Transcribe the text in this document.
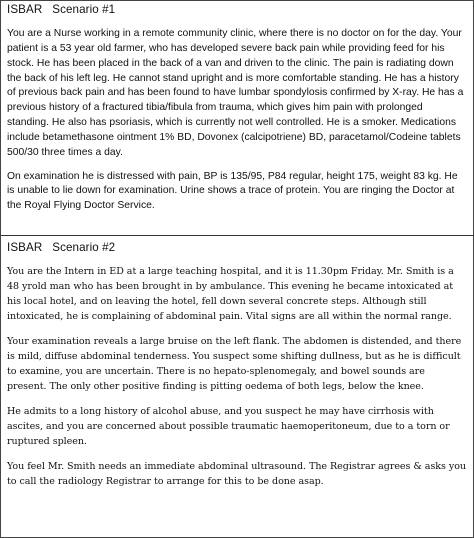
ISBAR   Scenario #1

You are a Nurse working in a remote community clinic, where there is no doctor on for the day. Your patient is a 53 year old farmer, who has developed severe back pain while providing feed for his stock. He has been placed in the back of a van and driven to the clinic. The pain is radiating down the back of his left leg. He cannot stand upright and is more comfortable standing. He has a history of previous back pain and has been found to have lumbar spondylosis confirmed by X-ray. He has a previous history of a fractured tibia/fibula from trauma, which gives him pain with prolonged standing. He also has psoriasis, which is currently not well controlled. He is a smoker. Medications include betamethasone ointment 1% BD, Dovonex (calcipotriene) BD, paracetamol/Codeine tablets 500/30 three times a day.

On examination he is distressed with pain, BP is 135/95, P84 regular, height 175, weight 83 kg. He is unable to lie down for examination. Urine shows a trace of protein. You are ringing the Doctor at the Royal Flying Doctor Service.

ISBAR   Scenario #2

You are the Intern in ED at a large teaching hospital, and it is 11.30pm Friday. Mr. Smith is a 48 yrold man who has been brought in by ambulance. This evening he became intoxicated at his local hotel, and on leaving the hotel, fell down several concrete steps. Although still intoxicated, he is complaining of abdominal pain. Vital signs are all within the normal range.

Your examination reveals a large bruise on the left flank. The abdomen is distended, and there is mild, diffuse abdominal tenderness. You suspect some shifting dullness, but as he is difficult to examine, you are uncertain. There is no hepato-splenomegaly, and bowel sounds are present. The only other positive finding is pitting oedema of both legs, below the knee.

He admits to a long history of alcohol abuse, and you suspect he may have cirrhosis with ascites, and you are concerned about possible traumatic haemoperitoneum, due to a torn or ruptured spleen.

You feel Mr. Smith needs an immediate abdominal ultrasound. The Registrar agrees & asks you to call the radiology Registrar to arrange for this to be done asap.
